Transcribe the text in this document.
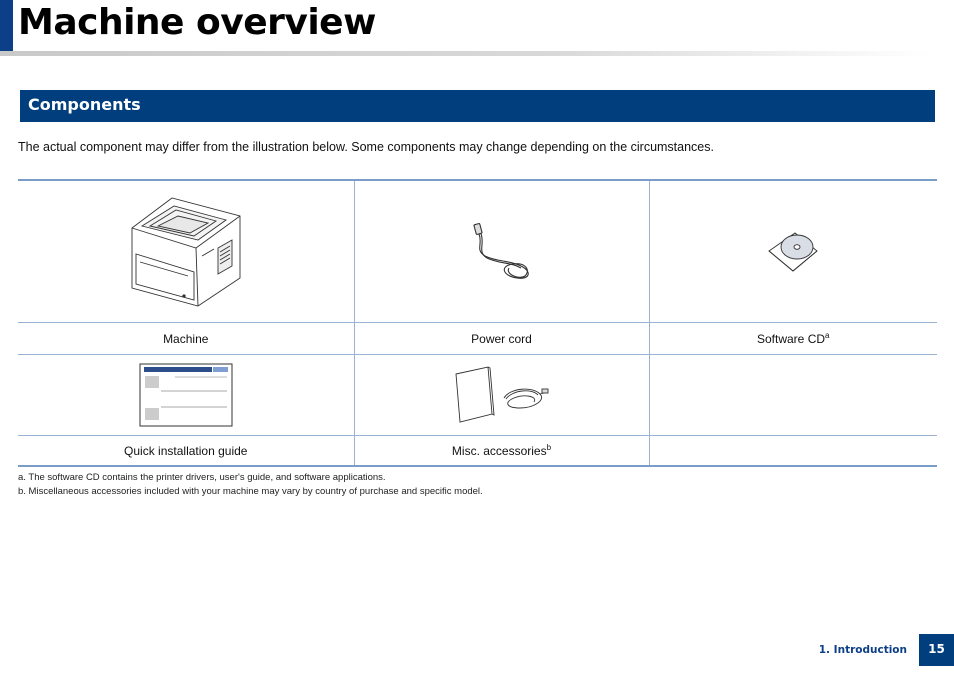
Machine overview
Components

The actual component may differ from the illustration below. Some components may change depending on the circumstances.

Machine	Power cord	Software $CD^a$

Quick installation guide	Misc. accessories$^b$	

a. The software CD contains the printer drivers, user's guide, and software applications.

b. Miscellaneous accessories included with your machine may vary by country of purchase and specific model.

1. Introduction	15
